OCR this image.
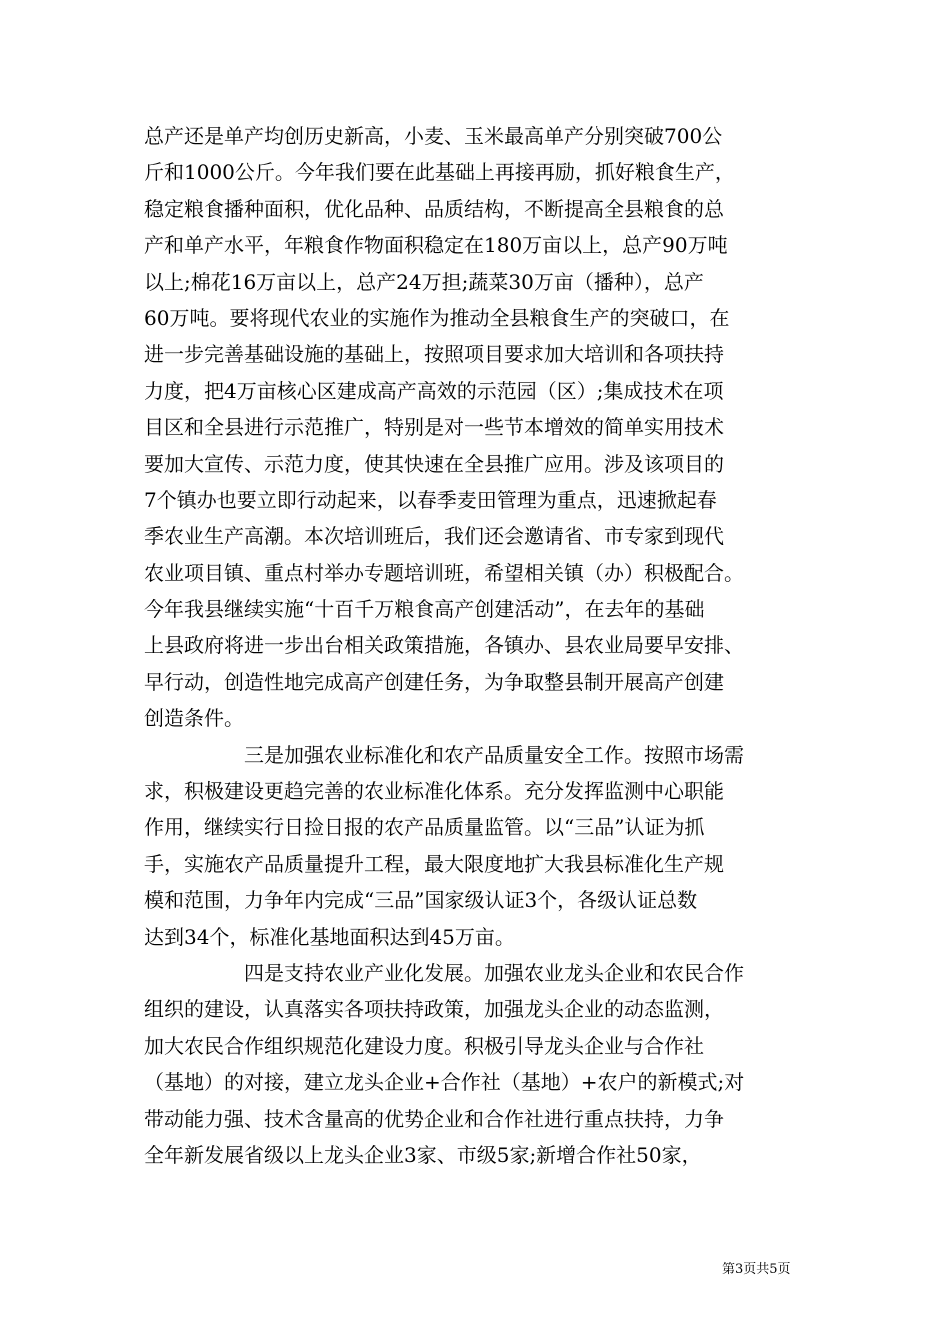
总产还是单产均创历史新高，小麦、玉米最高单产分别突破700公
斤和1000公斤。今年我们要在此基础上再接再励，抓好粮食生产，
稳定粮食播种面积，优化品种、品质结构，不断提高全县粮食的总
产和单产水平，年粮食作物面积稳定在180万亩以上，总产90万吨
以上;棉花16万亩以上，总产24万担;蔬菜30万亩（播种），总产
60万吨。要将现代农业的实施作为推动全县粮食生产的突破口，在
进一步完善基础设施的基础上，按照项目要求加大培训和各项扶持
力度，把4万亩核心区建成高产高效的示范园（区）;集成技术在项
目区和全县进行示范推广，特别是对一些节本增效的简单实用技术
要加大宣传、示范力度，使其快速在全县推广应用。涉及该项目的
7个镇办也要立即行动起来，以春季麦田管理为重点，迅速掀起春
季农业生产高潮。本次培训班后，我们还会邀请省、市专家到现代
农业项目镇、重点村举办专题培训班，希望相关镇（办）积极配合。
今年我县继续实施“十百千万粮食高产创建活动”，在去年的基础
上县政府将进一步出台相关政策措施，各镇办、县农业局要早安排、
早行动，创造性地完成高产创建任务，为争取整县制开展高产创建
创造条件。
三是加强农业标准化和农产品质量安全工作。按照市场需
求，积极建设更趋完善的农业标准化体系。充分发挥监测中心职能
作用，继续实行日捡日报的农产品质量监管。以“三品”认证为抓
手，实施农产品质量提升工程，最大限度地扩大我县标准化生产规
模和范围，力争年内完成“三品”国家级认证3个，各级认证总数
达到34个，标准化基地面积达到45万亩。
四是支持农业产业化发展。加强农业龙头企业和农民合作
组织的建设，认真落实各项扶持政策，加强龙头企业的动态监测，
加大农民合作组织规范化建设力度。积极引导龙头企业与合作社
（基地）的对接，建立龙头企业+合作社（基地）+农户的新模式;对
带动能力强、技术含量高的优势企业和合作社进行重点扶持，力争
全年新发展省级以上龙头企业3家、市级5家;新增合作社50家，
第3页共5页
